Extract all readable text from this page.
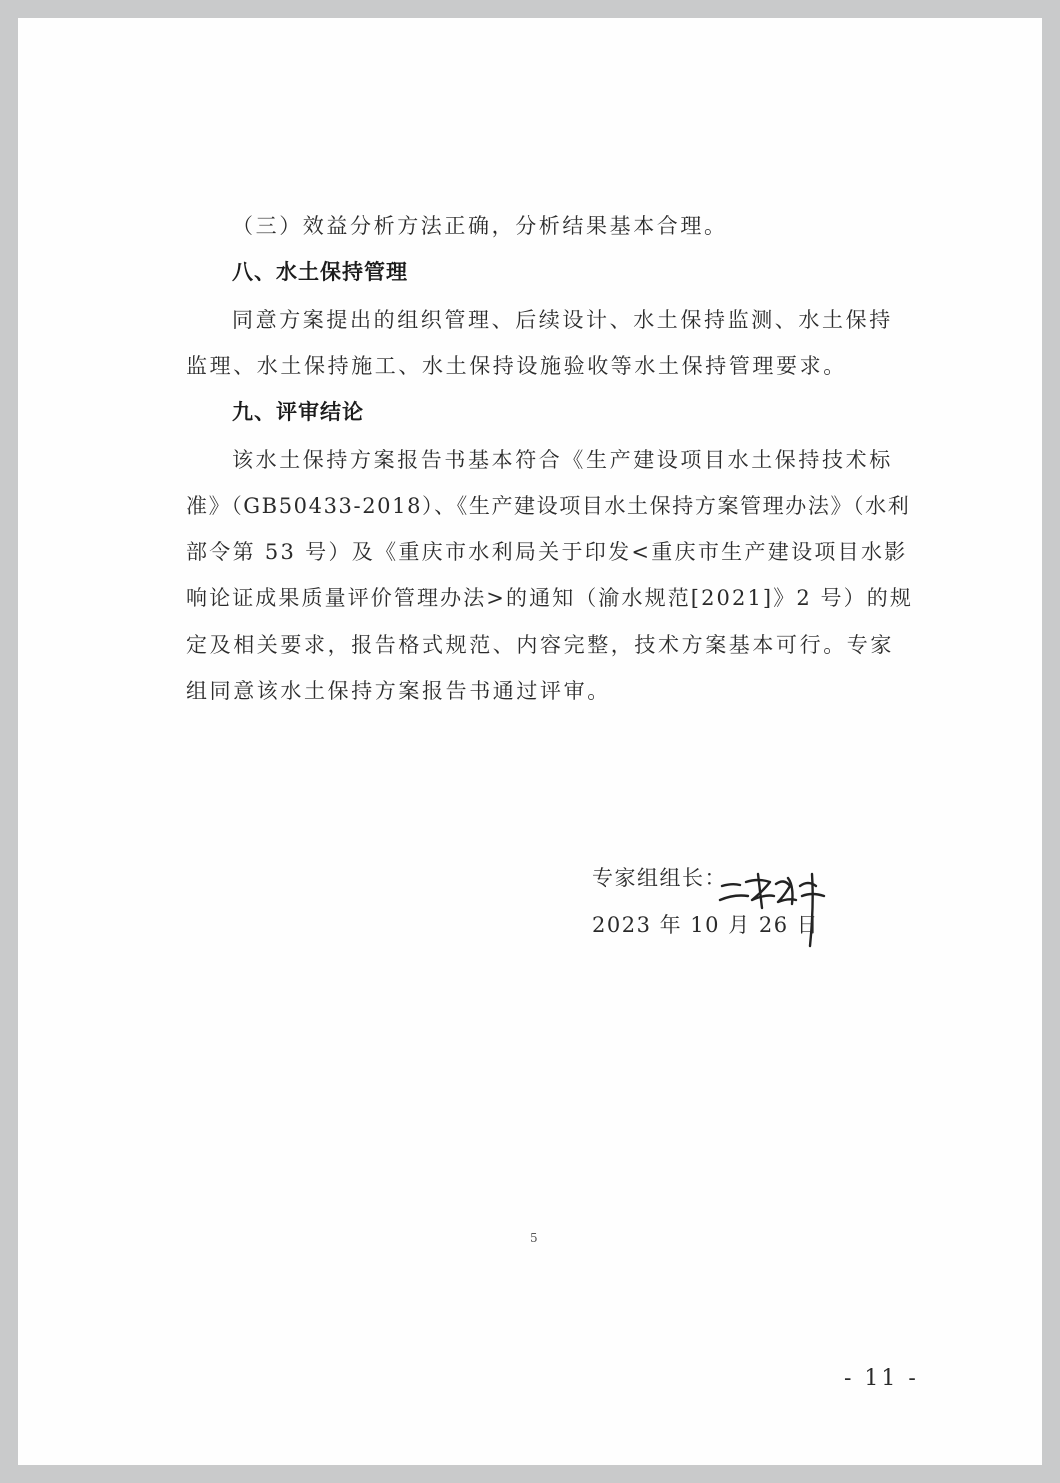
（三）效益分析方法正确，分析结果基本合理。
八、水土保持管理
同意方案提出的组织管理、后续设计、水土保持监测、水土保持
监理、水土保持施工、水土保持设施验收等水土保持管理要求。
九、评审结论
该水土保持方案报告书基本符合《生产建设项目水土保持技术标
准》（GB50433-2018）、《生产建设项目水土保持方案管理办法》（水利
部令第 53 号）及《重庆市水利局关于印发<重庆市生产建设项目水影
响论证成果质量评价管理办法>的通知（渝水规范[2021]》2 号）的规
定及相关要求，报告格式规范、内容完整，技术方案基本可行。专家
组同意该水土保持方案报告书通过评审。
专家组组长：
2023 年 10 月 26 日
5
- 11 -
